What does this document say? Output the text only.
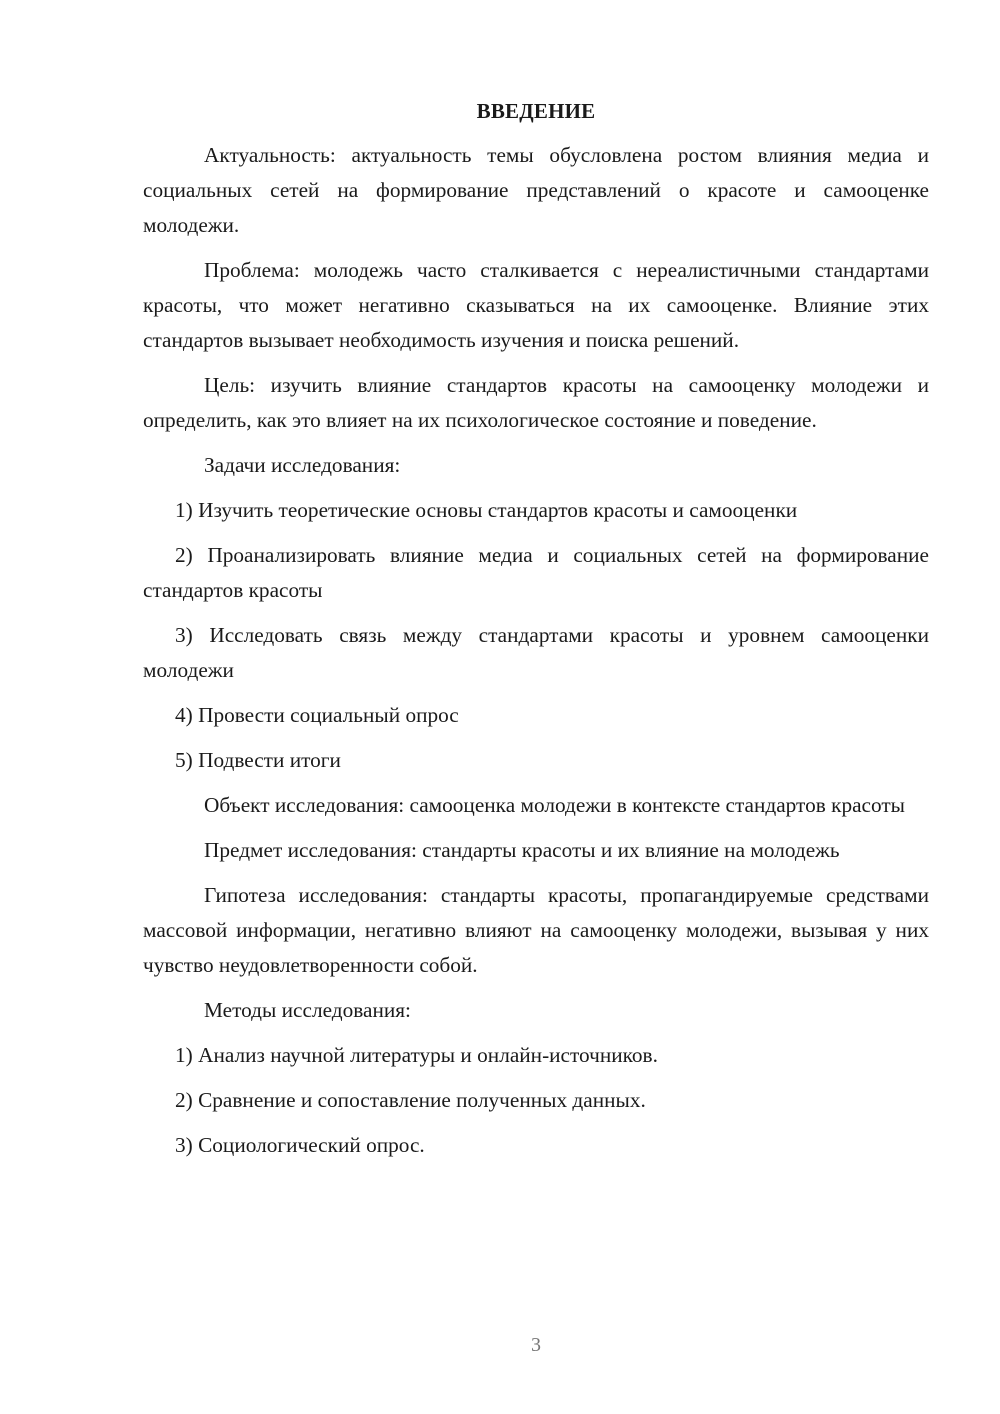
ВВЕДЕНИЕ

Актуальность: актуальность темы обусловлена ростом влияния медиа и социальных сетей на формирование представлений о красоте и самооценке молодежи.

Проблема: молодежь часто сталкивается с нереалистичными стандартами красоты, что может негативно сказываться на их самооценке. Влияние этих стандартов вызывает необходимость изучения и поиска решений.

Цель: изучить влияние стандартов красоты на самооценку молодежи и определить, как это влияет на их психологическое состояние и поведение.

Задачи исследования:

1) Изучить теоретические основы стандартов красоты и самооценки

2) Проанализировать влияние медиа и социальных сетей на формирование стандартов красоты

3) Исследовать связь между стандартами красоты и уровнем самооценки молодежи

4) Провести социальный опрос

5) Подвести итоги

Объект исследования: самооценка молодежи в контексте стандартов красоты

Предмет исследования: стандарты красоты и их влияние на молодежь

Гипотеза исследования: стандарты красоты, пропагандируемые средствами массовой информации, негативно влияют на самооценку молодежи, вызывая у них чувство неудовлетворенности собой.

Методы исследования:

1) Анализ научной литературы и онлайн-источников.

2) Сравнение и сопоставление полученных данных.

3) Социологический опрос.

3
